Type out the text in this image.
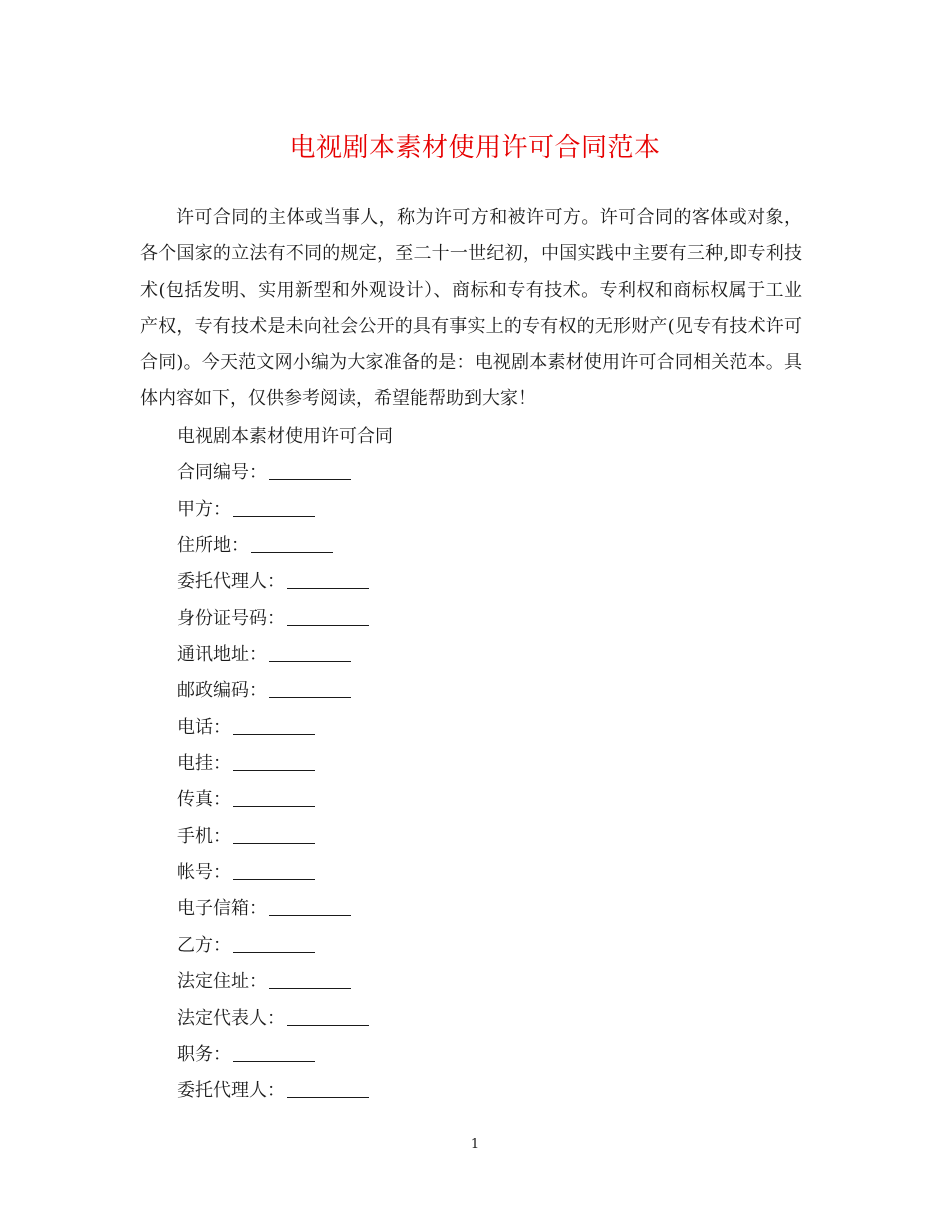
电视剧本素材使用许可合同范本

许可合同的主体或当事人，称为许可方和被许可方。许可合同的客体或对象，各个国家的立法有不同的规定，至二十一世纪初，中国实践中主要有三种,即专利技术(包括发明、实用新型和外观设计）、商标和专有技术。专利权和商标权属于工业产权，专有技术是未向社会公开的具有事实上的专有权的无形财产(见专有技术许可合同)。今天范文网小编为大家准备的是：电视剧本素材使用许可合同相关范本。具体内容如下，仅供参考阅读，希望能帮助到大家！

电视剧本素材使用许可合同
合同编号：
甲方：
住所地：
委托代理人：
身份证号码：
通讯地址：
邮政编码：
电话：
电挂：
传真：
手机：
帐号：
电子信箱：
乙方：
法定住址：
法定代表人：
职务：
委托代理人：
1
